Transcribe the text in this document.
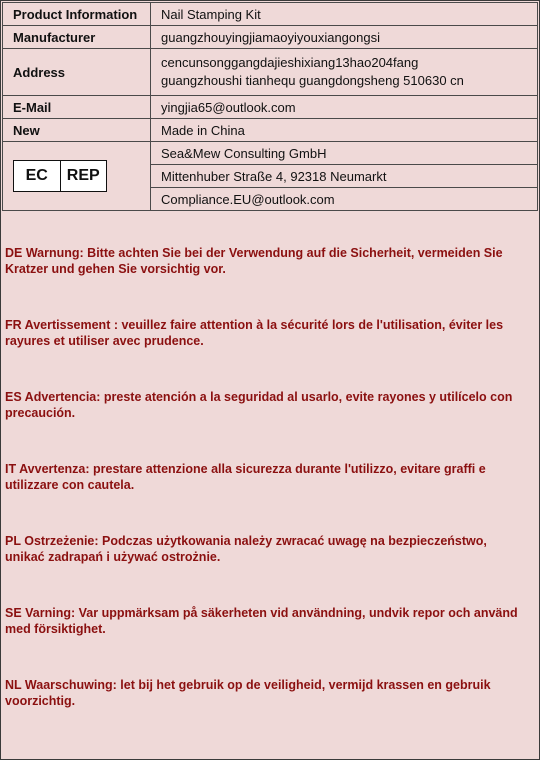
Product Information	Nail Stamping Kit
Manufacturer	guangzhouyingjiamaoyiyouxiangongsi
Address	cencunsonggangdajieshixiang13hao204fang
guangzhoushi tianhequ guangdongsheng 510630 cn

E-Mail	yingjia65@outlook.com
New	Made in China

EC REP	Sea&Mew Consulting GmbH
	Mittenhuber Straße 4, 92318 Neumarkt
	Compliance.EU@outlook.com
DE Warnung: Bitte achten Sie bei der Verwendung auf die Sicherheit, vermeiden Sie Kratzer und gehen Sie vorsichtig vor.
FR Avertissement : veuillez faire attention à la sécurité lors de l'utilisation, éviter les rayures et utiliser avec prudence.
ES Advertencia: preste atención a la seguridad al usarlo, evite rayones y utilícelo con precaución.
IT Avvertenza: prestare attenzione alla sicurezza durante l'utilizzo, evitare graffi e utilizzare con cautela.
PL Ostrzeżenie: Podczas użytkowania należy zwracać uwagę na bezpieczeństwo, unikać zadrapań i używać ostrożnie.
SE Varning: Var uppmärksam på säkerheten vid användning, undvik repor och använd med försiktighet.
NL Waarschuwing: let bij het gebruik op de veiligheid, vermijd krassen en gebruik voorzichtig.
